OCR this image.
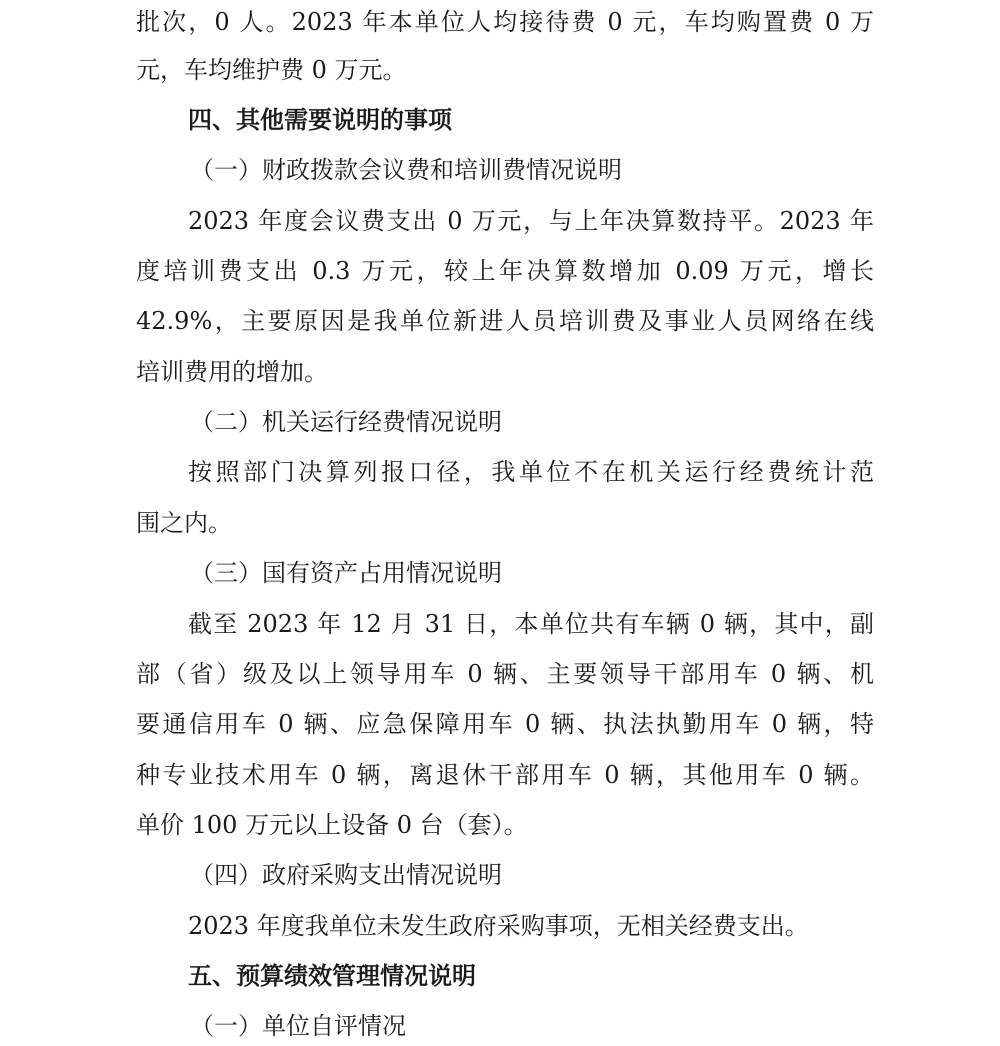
批次，0 人。2023 年本单位人均接待费 0 元，车均购置费 0 万
元，车均维护费 0 万元。
四、其他需要说明的事项
（一）财政拨款会议费和培训费情况说明
2023 年度会议费支出 0 万元，与上年决算数持平。2023 年
度培训费支出 0.3 万元，较上年决算数增加 0.09 万元，增长
42.9%，主要原因是我单位新进人员培训费及事业人员网络在线
培训费用的增加。
（二）机关运行经费情况说明
按照部门决算列报口径，我单位不在机关运行经费统计范
围之内。
（三）国有资产占用情况说明
截至 2023 年 12 月 31 日，本单位共有车辆 0 辆，其中，副
部（省）级及以上领导用车 0 辆、主要领导干部用车 0 辆、机
要通信用车 0 辆、应急保障用车 0 辆、执法执勤用车 0 辆，特
种专业技术用车 0 辆，离退休干部用车 0 辆，其他用车 0 辆。
单价 100 万元以上设备 0 台（套）。
（四）政府采购支出情况说明
2023 年度我单位未发生政府采购事项，无相关经费支出。
五、预算绩效管理情况说明
（一）单位自评情况
